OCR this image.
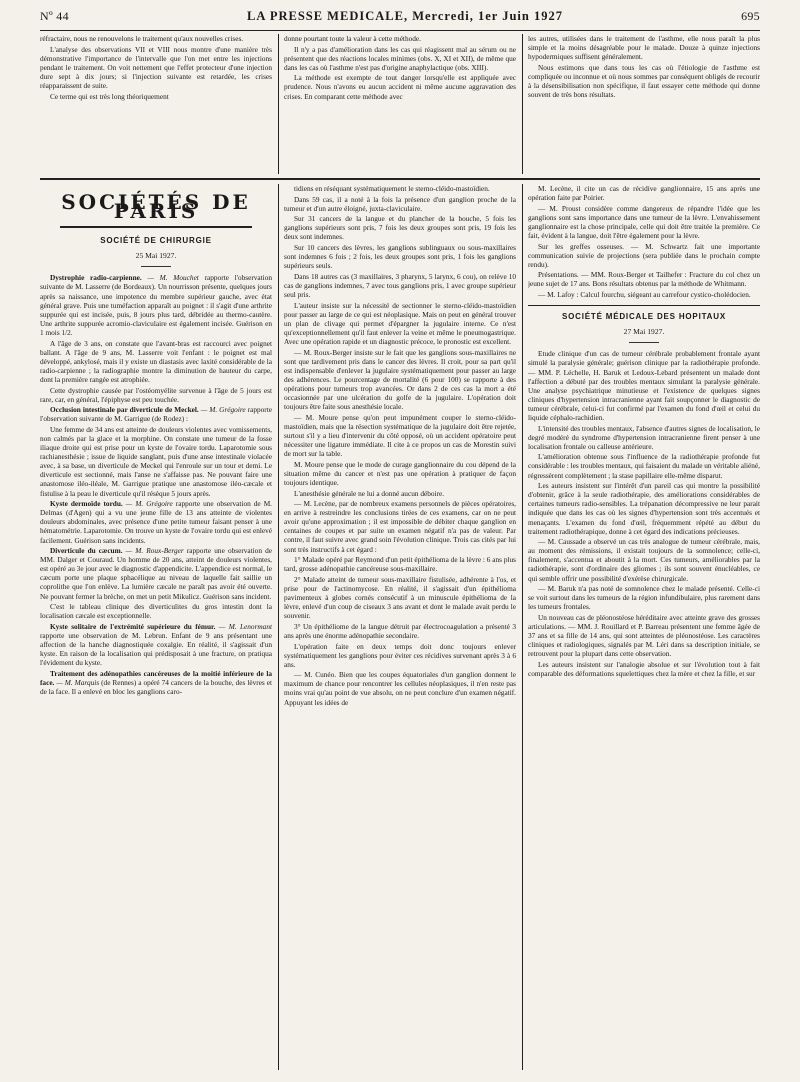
Nº 44	LA PRESSE MEDICALE, Mercredi, 1er Juin 1927	695

réfractaire, nous ne renouvelons le traitement qu'aux nouvelles crises.

L'analyse des observations VII et VIII nous montre d'une manière très démonstrative l'importance de l'intervalle que l'on met entre les injections pendant le traitement. On voit nettement que l'effet protecteur d'une injection dure sept à dix jours; si l'injection suivante est retardée, les crises réapparaissent de suite.

Ce terme qui est très long théoriquement

donne pourtant toute la valeur à cette méthode.

Il n'y a pas d'amélioration dans les cas qui réagissent mal au sérum ou ne présentent que des réactions locales minimes (obs. X, XI et XII), de même que dans les cas où l'asthme n'est pas d'origine anaphylactique (obs. XIII).

La méthode est exempte de tout danger lorsqu'elle est appliquée avec prudence. Nous n'avons eu aucun accident ni même aucune aggravation des crises. En comparant cette méthode avec

les autres, utilisées dans le traitement de l'asthme, elle nous paraît la plus simple et la moins désagréable pour le malade. Douze à quinze injections hypodermiques suffisent généralement.

Nous estimons que dans tous les cas où l'étiologie de l'asthme est compliquée ou inconnue et où nous sommes par conséquent obligés de recourir à la désensibilisation non spécifique, il faut essayer cette méthode qui donne souvent de très bons résultats.

SOCIÉTÉS DE PARIS
SOCIÉTÉ DE CHIRURGIE
25 Mai 1927.

Dystrophie radio-carpienne. — M. Mouchet rapporte l'observation suivante de M. Lasserre (de Bordeaux). Un nourrisson présente, quelques jours après sa naissance, une impotence du membre supérieur gauche, avec état général grave. Puis une tuméfaction apparaît au poignet : il s'agit d'une arthrite suppurée qui est incisée, puis, 8 jours plus tard, débridée au thermo-cautère. Une arthrite suppurée acromio-claviculaire est également incisée. Guérison en 1 mois 1/2.

A l'âge de 3 ans, on constate que l'avant-bras est raccourci avec poignet ballant. A l'âge de 9 ans, M. Lasserre voit l'enfant : le poignet est mal développé, ankylosé, mais il y existe un diastasis avec laxité considérable de la radio-carpienne ; la radiographie montre la diminution de hauteur du carpe, dont la première rangée est atrophiée.

Cette dystrophie causée par l'ostéomyélite survenue à l'âge de 5 jours est rare, car, en général, l'épiphyse est peu touchée.

Occlusion intestinale par diverticule de Meckel. — M. Grégoire rapporte l'observation suivante de M. Garrigue (de Rodez) :

Une femme de 34 ans est atteinte de douleurs violentes avec vomissements, non calmés par la glace et la morphine. On constate une tumeur de la fosse iliaque droite qui est prise pour un kyste de l'ovaire tordu. Laparotomie sous rachianesthésie ; issue de liquide sanglant, puis d'une anse intestinale violacée avec, à sa base, un diverticule de Meckel qui l'enroule sur un tour et demi. Le diverticule est sectionné, mais l'anse ne s'affaisse pas. Ne pouvant faire une anastomose iléo-iléale, M. Garrigue pratique une anastomose iléo-cæcale et fistulise à la peau le diverticule qu'il résèque 5 jours après.

Kyste dermoïde tordu. — M. Grégoire rapporte une observation de M. Delmas (d'Agen) qui a vu une jeune fille de 13 ans atteinte de violentes douleurs abdominales, avec présence d'une petite tumeur faisant penser à une hématométrie. Laparotomie. On trouve un kyste de l'ovaire tordu qui est enlevé facilement. Guérison sans incidents.

Diverticule du cæcum. — M. Roux-Berger rapporte une observation de MM. Dalger et Couraud. Un homme de 20 ans, atteint de douleurs violentes, est opéré au 3e jour avec le diagnostic d'appendicite. L'appendice est normal, le cæcum porte une plaque sphacélique au niveau de laquelle fait saillie un coprolithe que l'on enlève. La lumière cæcale ne paraît pas avoir été ouverte. Ne pouvant fermer la brèche, on met un petit Mikulicz. Guérison sans incident.

C'est le tableau clinique des diverticulites du gros intestin dont la localisation cæcale est exceptionnelle.

Kyste solitaire de l'extrémité supérieure du fémur. — M. Lenormant rapporte une observation de M. Lebrun. Enfant de 9 ans présentant une affection de la hanche diagnostiquée coxalgie. En réalité, il s'agissait d'un kyste. En raison de la localisation qui prédisposait à une fracture, on pratiqua l'évidement du kyste.

Traitement des adénopathies cancéreuses de la moitié inférieure de la face. — M. Marquis (de Rennes) a opéré 74 cancers de la bouche, des lèvres et de la face. Il a enlevé en bloc les ganglions caro-

tidiens en réséquant systématiquement le sterno-cléido-mastoïdien.

Dans 59 cas, il a noté à la fois la présence d'un ganglion proche de la tumeur et d'un autre éloigné, juxta-claviculaire.

Sur 31 cancers de la langue et du plancher de la bouche, 5 fois les ganglions supérieurs sont pris, 7 fois les deux groupes sont pris, 19 fois les deux sont indemnes.

Sur 10 cancers des lèvres, les ganglions sublinguaux ou sous-maxillaires sont indemnes 6 fois ; 2 fois, les deux groupes sont pris, 1 fois les ganglions supérieurs seuls.

Dans 18 autres cas (3 maxillaires, 3 pharynx, 5 larynx, 6 cou), on relève 10 cas de ganglions indemnes, 7 avec tous ganglions pris, 1 avec groupe supérieur seul pris.

L'auteur insiste sur la nécessité de sectionner le sterno-cléido-mastoïdien pour passer au large de ce qui est néoplasique. Mais on peut en général trouver un plan de clivage qui permet d'épargner la jugulaire interne. Ce n'est qu'exceptionnellement qu'il faut enlever la veine et même le pneumogastrique. Avec une opération rapide et un diagnostic précoce, le pronostic est excellent.

— M. Roux-Berger insiste sur le fait que les ganglions sous-maxillaires ne sont que tardivement pris dans le cancer des lèvres. Il croit, pour sa part qu'il est indispensable d'enlever la jugulaire systématiquement pour passer au large des adhérences. Le pourcentage de mortalité (6 pour 100) se rapporte à des opérations pour tumeurs trop avancées. Or dans 2 de ces cas la mort a été occasionnée par une ulcération du golfe de la jugulaire. L'opération doit toujours être faite sous anesthésie locale.

— M. Moure pense qu'on peut impunément couper le sterno-cléido-mastoïdien, mais que la résection systématique de la jugulaire doit être rejetée, surtout s'il y a lieu d'intervenir du côté opposé, où un accident opératoire peut nécessiter une ligature immédiate. Il cite à ce propos un cas de Morestin suivi de mort sur la table.

M. Moure pense que le mode de curage ganglionnaire du cou dépend de la situation même du cancer et n'est pas une opération à pratiquer de façon toujours identique.

L'anesthésie générale ne lui a donné aucun déboire.

— M. Lecène, par de nombreux examens personnels de pièces opératoires, en arrive à restreindre les conclusions tirées de ces examens, car on ne peut avoir qu'une approximation ; il est impossible de débiter chaque ganglion en centaines de coupes et par suite un examen négatif n'a pas de valeur. Par contre, il faut suivre avec grand soin l'évolution clinique. Trois cas cités par lui sont très instructifs à cet égard :

1° Malade opéré par Reymond d'un petit épithélioma de la lèvre : 6 ans plus tard, grosse adénopathie cancéreuse sous-maxillaire.

2° Malade atteint de tumeur sous-maxillaire fistulisée, adhérente à l'os, et prise pour de l'actinomycose. En réalité, il s'agissait d'un épithélioma pavimenteux à globes cornés consécutif à un minuscule épithélioma de la lèvre, enlevé d'un coup de ciseaux 3 ans avant et dont le malade avait perdu le souvenir.

3° Un épithéliome de la langue détruit par électrocoagulation a présenté 3 ans après une énorme adénopathie secondaire.

L'opération faite en deux temps doit donc toujours enlever systématiquement les ganglions pour éviter ces récidives survenant après 3 à 6 ans.

— M. Cunéo. Bien que les coupes équatoriales d'un ganglion donnent le maximum de chance pour rencontrer les cellules néoplasiques, il n'en reste pas moins vrai qu'au point de vue absolu, on ne peut conclure d'un examen négatif. Appuyant les idées de

M. Lecène, il cite un cas de récidive ganglionnaire, 15 ans après une opération faite par Poirier.

— M. Proust considère comme dangereux de répandre l'idée que les ganglions sont sans importance dans une tumeur de la lèvre. L'envahissement ganglionnaire est la chose principale, celle qui doit être traitée la première. Ce fait, évident à la langue, doit l'être également pour la lèvre.

Sur les greffes osseuses. — M. Schwartz fait une importante communication suivie de projections (sera publiée dans le prochain compte rendu).

Présentations. — MM. Roux-Berger et Tailhefer : Fracture du col chez un jeune sujet de 17 ans. Bons résultats obtenus par la méthode de Whitmann.

— M. Lafoy : Calcul fourchu, siégeant au carrefour cystico-cholédocien.

SOCIÉTÉ MÉDICALE DES HOPITAUX
27 Mai 1927.

Etude clinique d'un cas de tumeur cérébrale probablement frontale ayant simulé la paralysie générale; guérison clinique par la radiothérapie profonde. — MM. P. Léchelle, H. Baruk et Ledoux-Lebard présentent un malade dont l'affection a débuté par des troubles mentaux simulant la paralysie générale. Une analyse psychiatrique minutieuse et l'existence de quelques signes cliniques d'hypertension intracranienne ayant fait soupçonner le diagnostic de tumeur cérébrale, celui-ci fut confirmé par l'examen du fond d'œil et celui du liquide céphalo-rachidien.

L'intensité des troubles mentaux, l'absence d'autres signes de localisation, le degré modéré du syndrome d'hypertension intracranienne firent penser à une localisation frontale ou calleuse antérieure.

L'amélioration obtenue sous l'influence de la radiothérapie profonde fut considérable : les troubles mentaux, qui faisaient du malade un véritable aliéné, régressèrent complètement ; la stase papillaire elle-même disparut.

Les auteurs insistent sur l'intérêt d'un pareil cas qui montre la possibilité d'obtenir, grâce à la seule radiothérapie, des améliorations considérables de certaines tumeurs radio-sensibles. La trépanation décompressive ne leur parait indiquée que dans les cas où les signes d'hypertension sont très accentués et menaçants. L'examen du fond d'œil, fréquemment répété au début du traitement radiothérapique, donne à cet égard des indications précieuses.

— M. Caussade a observé un cas très analogue de tumeur cérébrale, mais, au moment des rémissions, il existait toujours de la somnolence; celle-ci, finalement, s'accentua et aboutit à la mort. Ces tumeurs, améliorables par la radiothérapie, sont d'ordinaire des gliomes ; ils sont souvent énucléables, ce qui semble offrir une possibilité d'exérèse chirurgicale.

— M. Baruk n'a pas noté de somnolence chez le malade présenté. Celle-ci se voit surtout dans les tumeurs de la région infundibulaire, plus rarement dans les tumeurs frontales.

Un nouveau cas de pléonostéose héréditaire avec atteinte grave des grosses articulations. — MM. J. Rouillard et P. Barreau présentent une femme âgée de 37 ans et sa fille de 14 ans, qui sont atteintes de pléonostéose. Les caractères cliniques et radiologiques, signalés par M. Léri dans sa description initiale, se retrouvent pour la plupart dans cette observation.

Les auteurs insistent sur l'analogie absolue et sur l'évolution tout à fait comparable des déformations squelettiques chez la mère et chez la fille, et sur
